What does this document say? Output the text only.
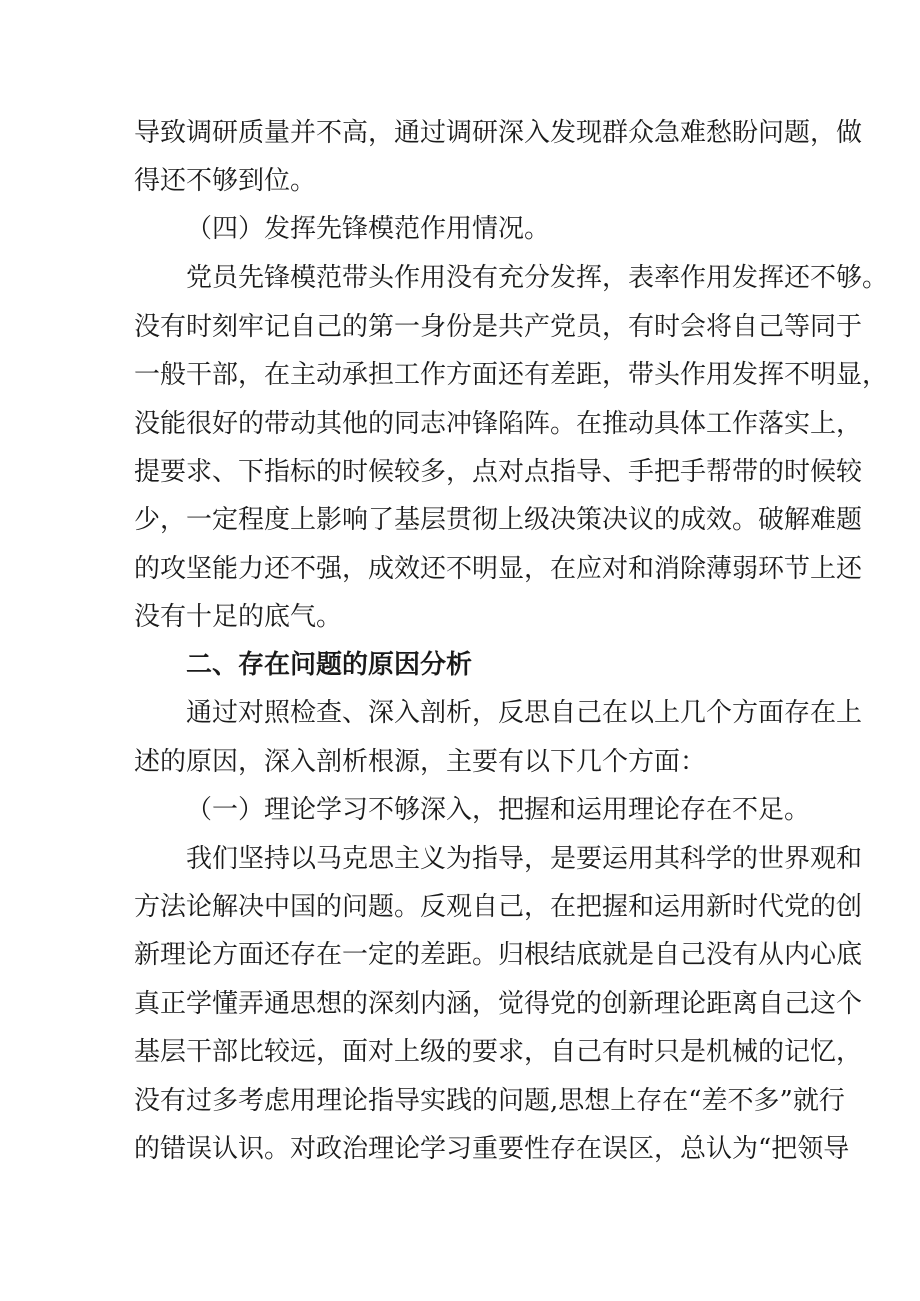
导致调研质量并不高，通过调研深入发现群众急难愁盼问题，做
得还不够到位。
（四）发挥先锋模范作用情况。
党员先锋模范带头作用没有充分发挥，表率作用发挥还不够。
没有时刻牢记自己的第一身份是共产党员，有时会将自己等同于
一般干部，在主动承担工作方面还有差距，带头作用发挥不明显，
没能很好的带动其他的同志冲锋陷阵。在推动具体工作落实上，
提要求、下指标的时候较多，点对点指导、手把手帮带的时候较
少，一定程度上影响了基层贯彻上级决策决议的成效。破解难题
的攻坚能力还不强，成效还不明显，在应对和消除薄弱环节上还
没有十足的底气。
二、存在问题的原因分析
通过对照检查、深入剖析，反思自己在以上几个方面存在上
述的原因，深入剖析根源，主要有以下几个方面：
（一）理论学习不够深入，把握和运用理论存在不足。
我们坚持以马克思主义为指导，是要运用其科学的世界观和
方法论解决中国的问题。反观自己，在把握和运用新时代党的创
新理论方面还存在一定的差距。归根结底就是自己没有从内心底
真正学懂弄通思想的深刻内涵，觉得党的创新理论距离自己这个
基层干部比较远，面对上级的要求，自己有时只是机械的记忆，
没有过多考虑用理论指导实践的问题,思想上存在“差不多”就行
的错误认识。对政治理论学习重要性存在误区，总认为“把领导
